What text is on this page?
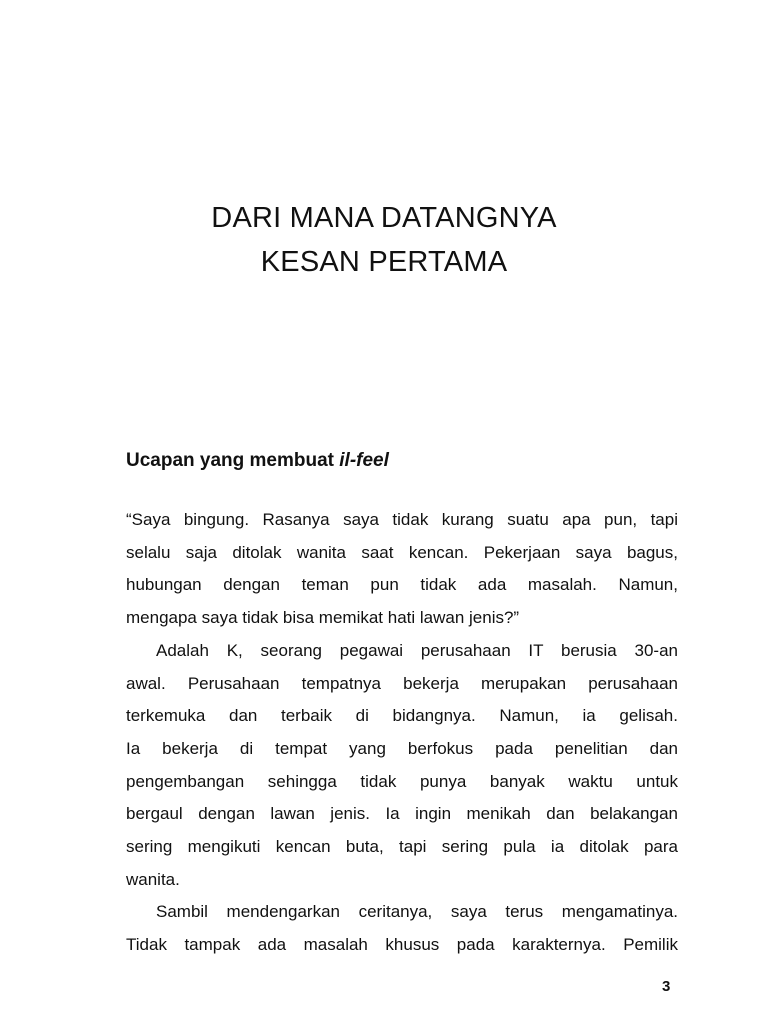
DARI MANA DATANGNYA
KESAN PERTAMA
Ucapan yang membuat il-feel
“Saya bingung. Rasanya saya tidak kurang suatu apa pun, tapi
selalu saja ditolak wanita saat kencan. Pekerjaan saya bagus,
hubungan dengan teman pun tidak ada masalah. Namun,
mengapa saya tidak bisa memikat hati lawan jenis?”
Adalah K, seorang pegawai perusahaan IT berusia 30-an
awal. Perusahaan tempatnya bekerja merupakan perusahaan
terkemuka dan terbaik di bidangnya. Namun, ia gelisah.
Ia bekerja di tempat yang berfokus pada penelitian dan
pengembangan sehingga tidak punya banyak waktu untuk
bergaul dengan lawan jenis. Ia ingin menikah dan belakangan
sering mengikuti kencan buta, tapi sering pula ia ditolak para
wanita.
Sambil mendengarkan ceritanya, saya terus mengamatinya.
Tidak tampak ada masalah khusus pada karakternya. Pemilik
3
